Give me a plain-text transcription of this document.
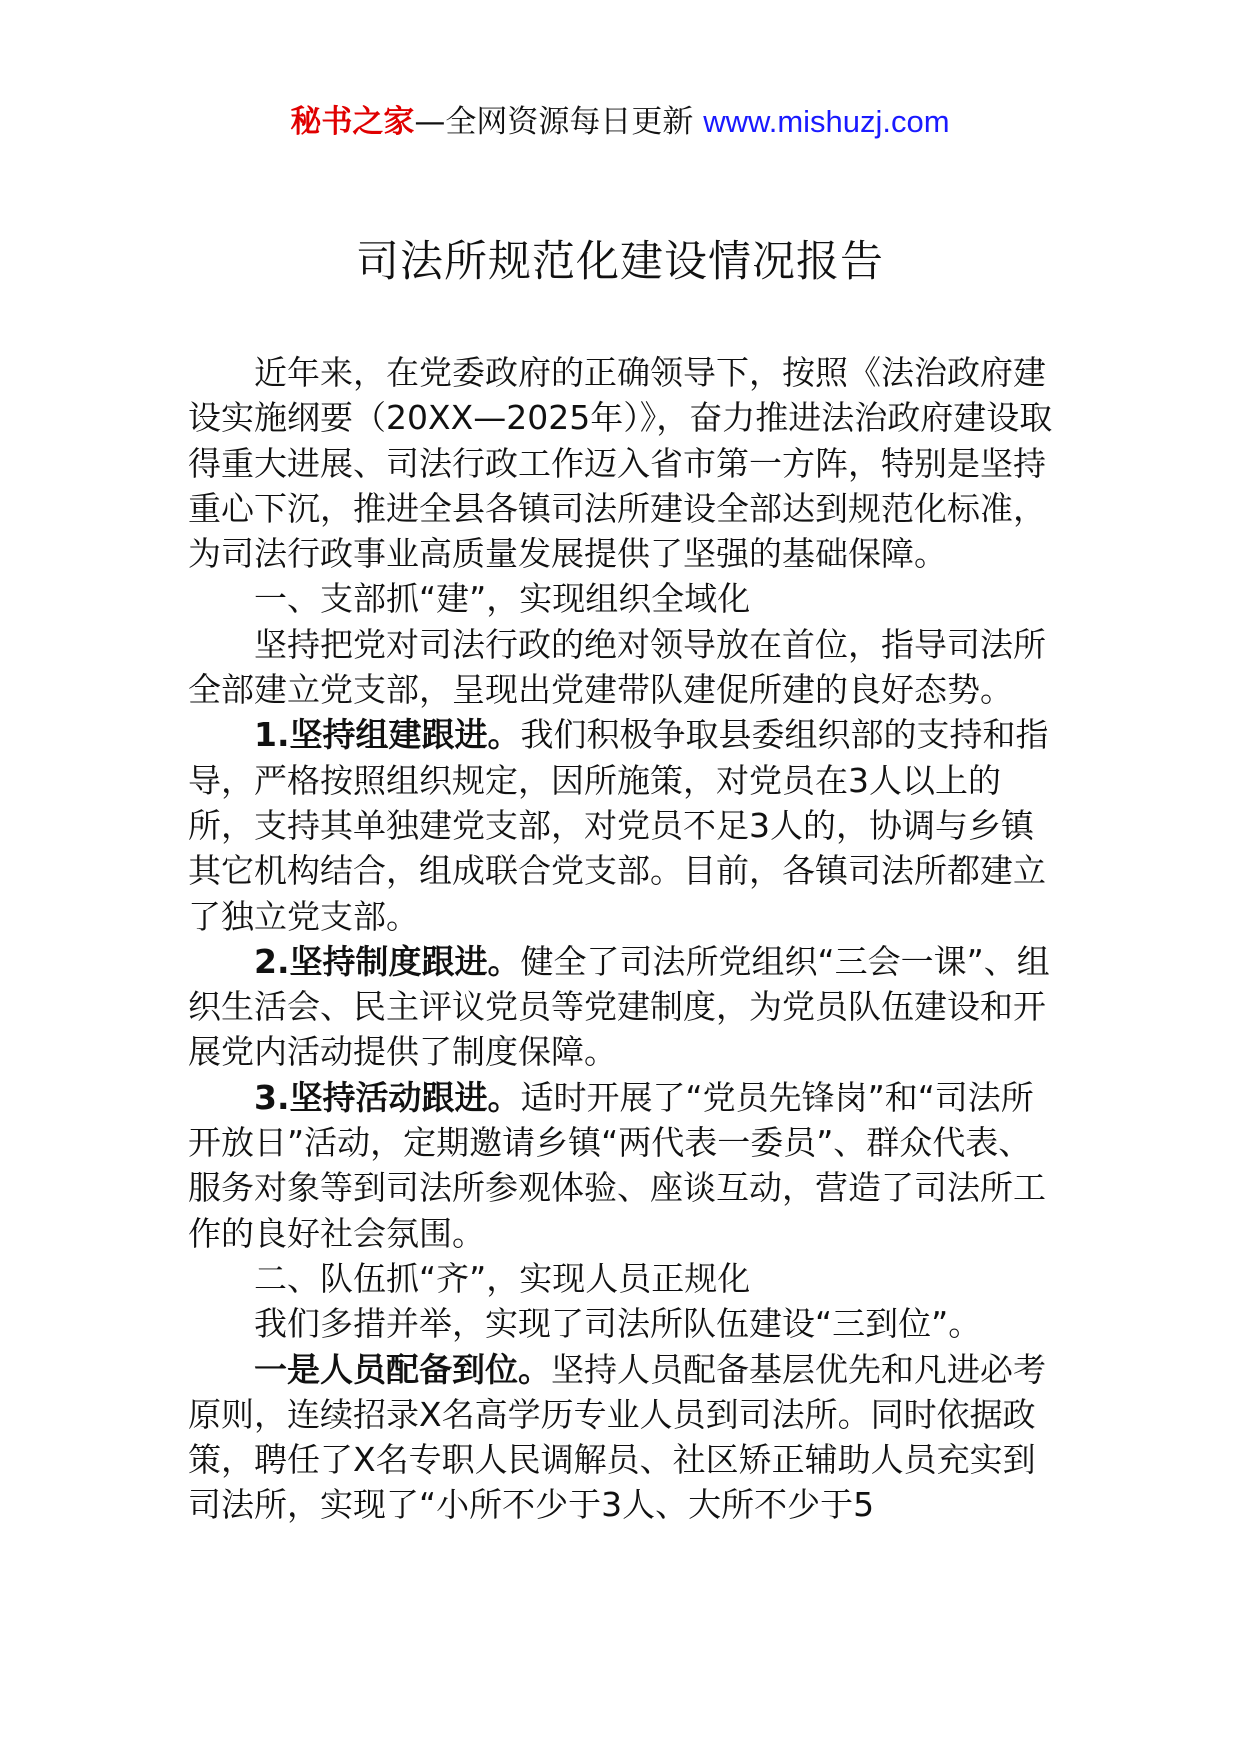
秘书之家—全网资源每日更新 www.mishuzj.com
司法所规范化建设情况报告

近年来，在党委政府的正确领导下，按照《法治政府建设实施纲要（20XX—2025年）》，奋力推进法治政府建设取得重大进展、司法行政工作迈入省市第一方阵，特别是坚持重心下沉，推进全县各镇司法所建设全部达到规范化标准，为司法行政事业高质量发展提供了坚强的基础保障。

一、支部抓“建”，实现组织全域化

坚持把党对司法行政的绝对领导放在首位，指导司法所全部建立党支部，呈现出党建带队建促所建的良好态势。

1.坚持组建跟进。我们积极争取县委组织部的支持和指导，严格按照组织规定，因所施策，对党员在3人以上的所，支持其单独建党支部，对党员不足3人的，协调与乡镇其它机构结合，组成联合党支部。目前，各镇司法所都建立了独立党支部。

2.坚持制度跟进。健全了司法所党组织“三会一课”、组织生活会、民主评议党员等党建制度，为党员队伍建设和开展党内活动提供了制度保障。

3.坚持活动跟进。适时开展了“党员先锋岗”和“司法所开放日”活动，定期邀请乡镇“两代表一委员”、群众代表、服务对象等到司法所参观体验、座谈互动，营造了司法所工作的良好社会氛围。

二、队伍抓“齐”，实现人员正规化

我们多措并举，实现了司法所队伍建设“三到位”。

一是人员配备到位。坚持人员配备基层优先和凡进必考原则，连续招录X名高学历专业人员到司法所。同时依据政策，聘任了X名专职人民调解员、社区矫正辅助人员充实到司法所，实现了“小所不少于3人、大所不少于5
